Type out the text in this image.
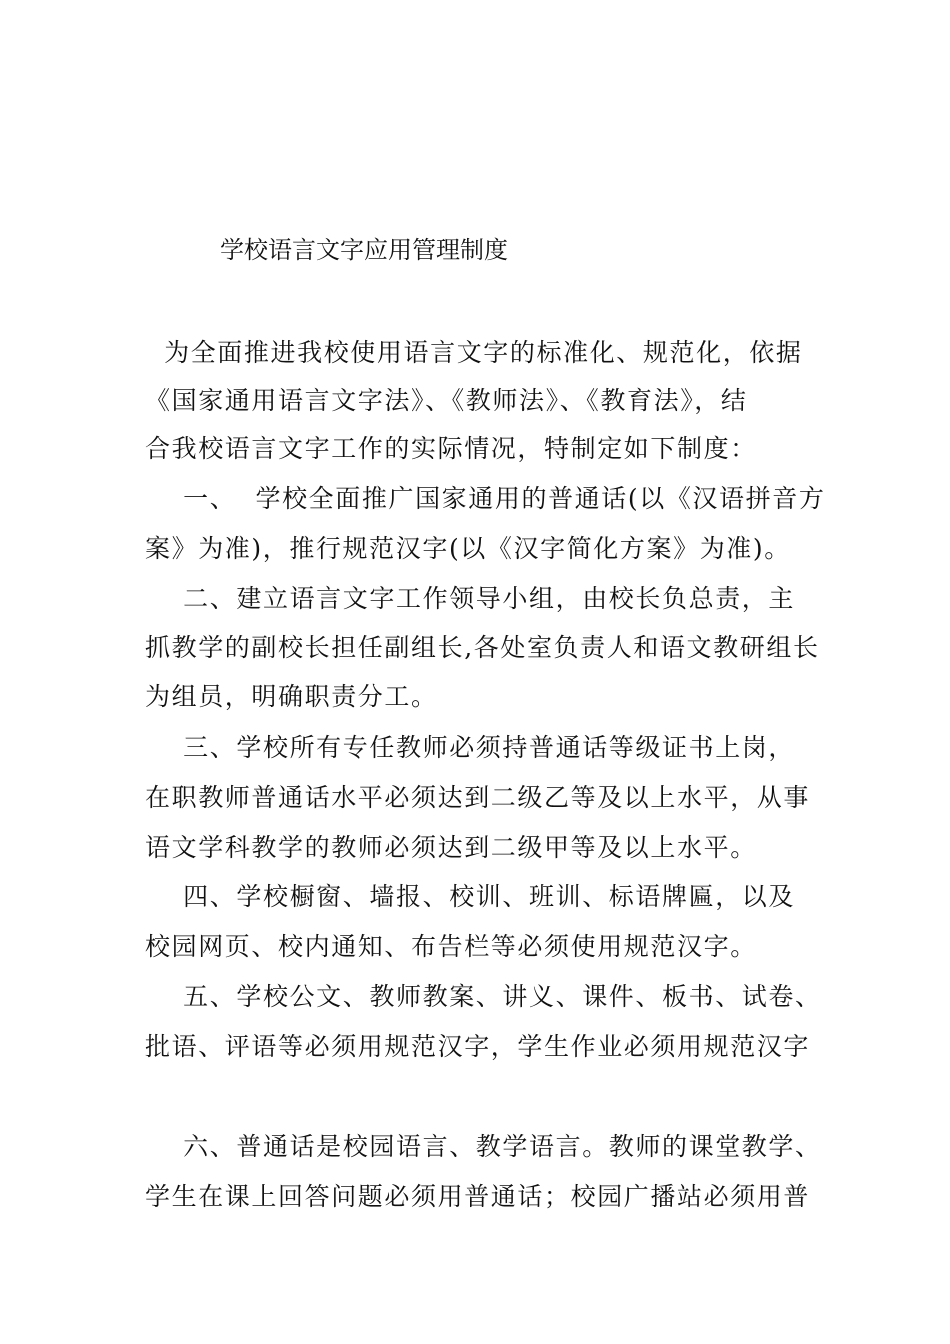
学校语言文字应用管理制度
为全面推进我校使用语言文字的标准化、规范化，依据
《国家通用语言文字法》、《教师法》、《教育法》，结
合我校语言文字工作的实际情况，特制定如下制度：
一、  学校全面推广国家通用的普通话(以《汉语拼音方
案》为准)，推行规范汉字(以《汉字简化方案》为准)。
二、建立语言文字工作领导小组，由校长负总责，主
抓教学的副校长担任副组长,各处室负责人和语文教研组长
为组员，明确职责分工。
三、学校所有专任教师必须持普通话等级证书上岗，
在职教师普通话水平必须达到二级乙等及以上水平，从事
语文学科教学的教师必须达到二级甲等及以上水平。
四、学校橱窗、墙报、校训、班训、标语牌匾，以及
校园网页、校内通知、布告栏等必须使用规范汉字。
五、学校公文、教师教案、讲义、课件、板书、试卷、
批语、评语等必须用规范汉字，学生作业必须用规范汉字
六、普通话是校园语言、教学语言。教师的课堂教学、
学生在课上回答问题必须用普通话；校园广播站必须用普
